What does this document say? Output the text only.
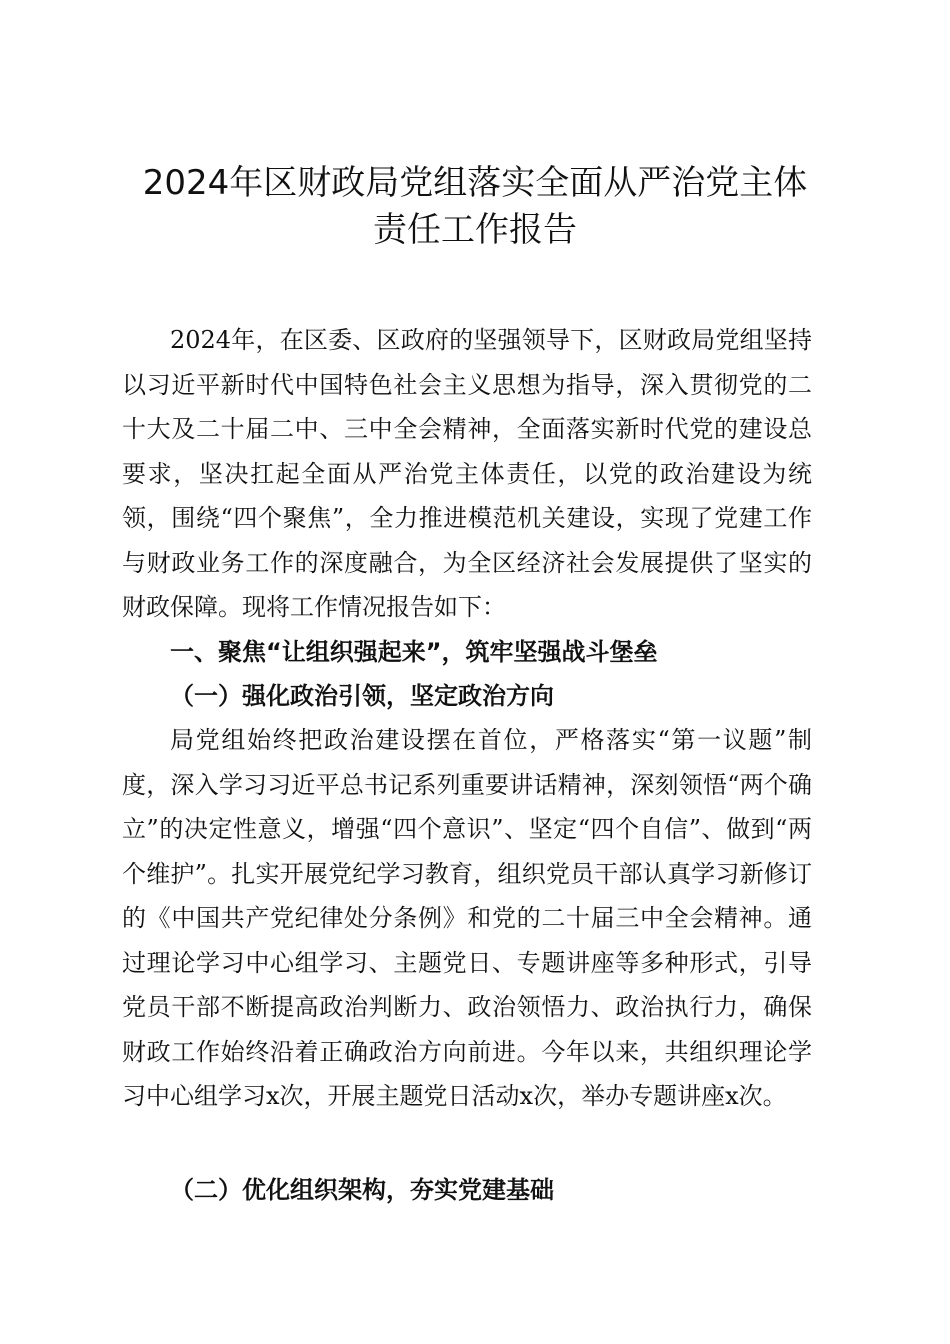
2024年区财政局党组落实全面从严治党主体
责任工作报告

2024年，在区委、区政府的坚强领导下，区财政局党组坚持以习近平新时代中国特色社会主义思想为指导，深入贯彻党的二十大及二十届二中、三中全会精神，全面落实新时代党的建设总要求，坚决扛起全面从严治党主体责任，以党的政治建设为统领，围绕“四个聚焦”，全力推进模范机关建设，实现了党建工作与财政业务工作的深度融合，为全区经济社会发展提供了坚实的财政保障。现将工作情况报告如下：

一、聚焦“让组织强起来”，筑牢坚强战斗堡垒
（一）强化政治引领，坚定政治方向

局党组始终把政治建设摆在首位，严格落实“第一议题”制度，深入学习习近平总书记系列重要讲话精神，深刻领悟“两个确立”的决定性意义，增强“四个意识”、坚定“四个自信”、做到“两个维护”。扎实开展党纪学习教育，组织党员干部认真学习新修订的《中国共产党纪律处分条例》和党的二十届三中全会精神。通过理论学习中心组学习、主题党日、专题讲座等多种形式，引导党员干部不断提高政治判断力、政治领悟力、政治执行力，确保财政工作始终沿着正确政治方向前进。今年以来，共组织理论学习中心组学习x次，开展主题党日活动x次，举办专题讲座x次。

（二）优化组织架构，夯实党建基础
